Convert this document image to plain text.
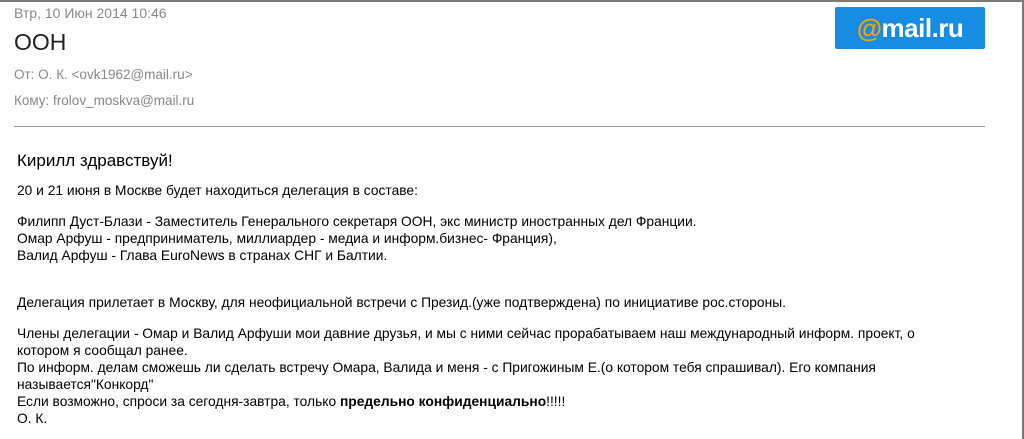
Втр, 10 Июн 2014 10:46
ООН
От: О. К. <ovk1962@mail.ru>
Кому: frolov_moskva@mail.ru
@ mail . ru

Кирилл здравствуй!

20 и 21 июня в Москве будет находиться делегация в составе:

Филипп Дуст-Блази - Заместитель Генерального секретаря ООН, экс министр иностранных дел Франции.

Омар Арфуш - предприниматель, миллиардер - медиа и информ.бизнес- Франция),

Валид Арфуш - Глава EuroNews в странах СНГ и Балтии.

Делегация прилетает в Москву, для неофициальной встречи с Презид.(уже подтверждена) по инициативе рос.стороны.

Члены делегации - Омар и Валид Арфуши мои давние друзья, и мы с ними сейчас прорабатываем наш международный информ. проект, о

котором я сообщал ранее.

По информ. делам сможешь ли сделать встречу Омара, Валида и меня - с Пригожиным Е.(о котором тебя спрашивал). Его компания

называется"Конкорд"

Если возможно, спроси за сегодня-завтра, только предельно конфиденциально!!!!!

О. К.
